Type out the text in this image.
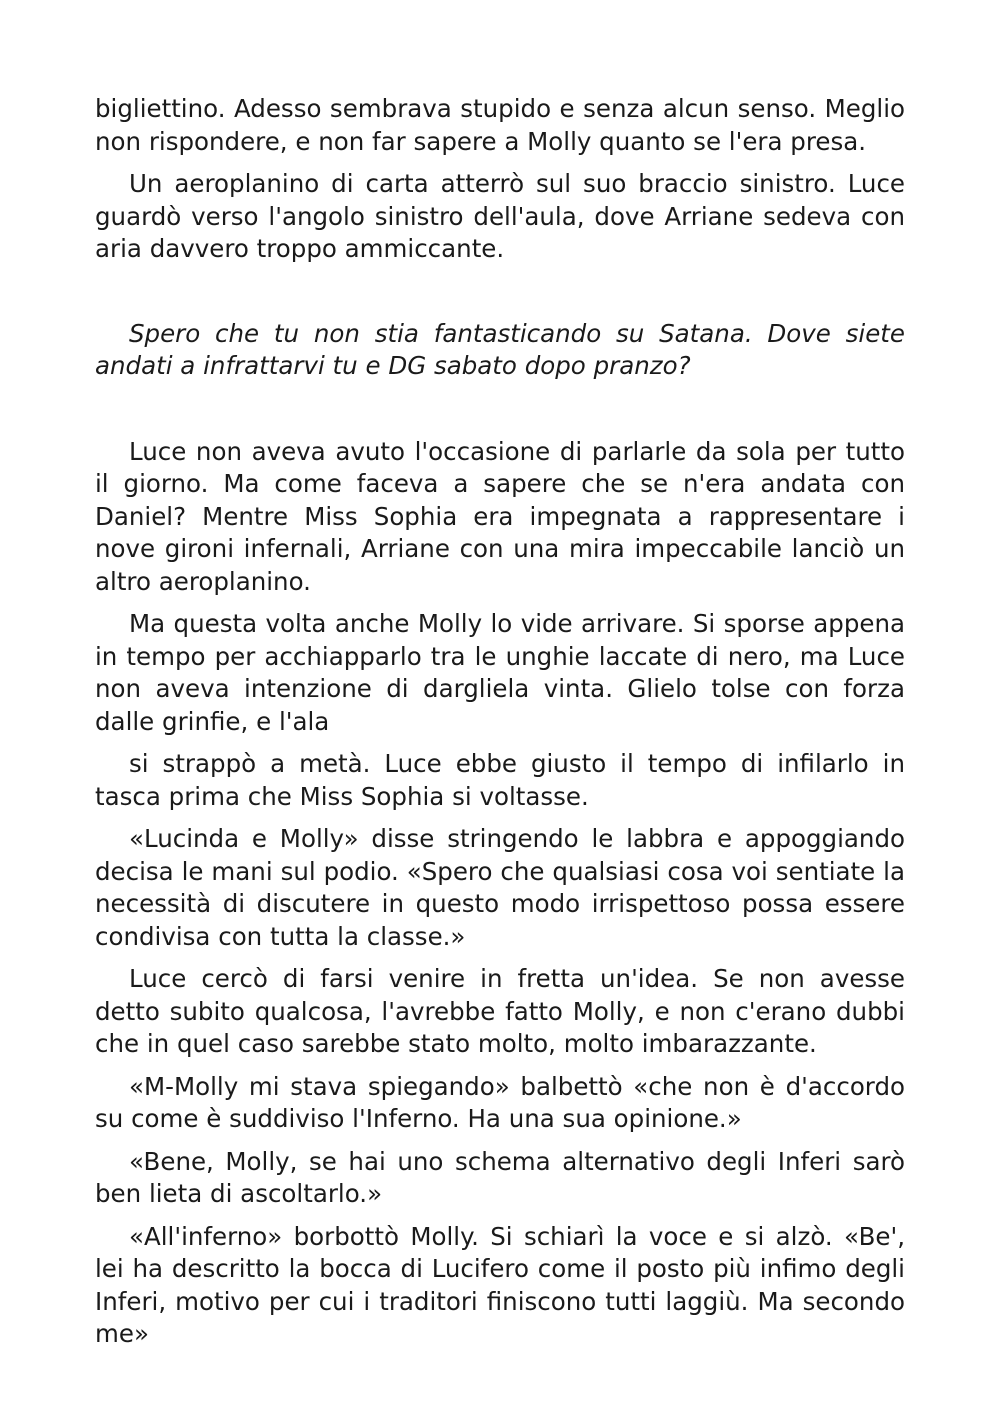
bigliettino. Adesso sembrava stupido e senza alcun senso. Meglio non rispondere, e non far sapere a Molly quanto se l'era presa.

Un aeroplanino di carta atterrò sul suo braccio sinistro. Luce guardò verso l'angolo sinistro dell'aula, dove Arriane sedeva con aria davvero troppo ammiccante.

Spero che tu non stia fantasticando su Satana. Dove siete andati a infrattarvi tu e DG sabato dopo pranzo?

Luce non aveva avuto l'occasione di parlarle da sola per tutto il giorno. Ma come faceva a sapere che se n'era andata con Daniel? Mentre Miss Sophia era impegnata a rappresentare i nove gironi infernali, Arriane con una mira impeccabile lanciò un altro aeroplanino.

Ma questa volta anche Molly lo vide arrivare. Si sporse appena in tempo per acchiapparlo tra le unghie laccate di nero, ma Luce non aveva intenzione di dargliela vinta. Glielo tolse con forza dalle grinfie, e l'ala

si strappò a metà. Luce ebbe giusto il tempo di infilarlo in tasca prima che Miss Sophia si voltasse.

«Lucinda e Molly» disse stringendo le labbra e appoggiando decisa le mani sul podio. «Spero che qualsiasi cosa voi sentiate la necessità di discutere in questo modo irrispettoso possa essere condivisa con tutta la classe.»

Luce cercò di farsi venire in fretta un'idea. Se non avesse detto subito qualcosa, l'avrebbe fatto Molly, e non c'erano dubbi che in quel caso sarebbe stato molto, molto imbarazzante.

«M-Molly mi stava spiegando» balbettò «che non è d'accordo su come è suddiviso l'Inferno. Ha una sua opinione.»

«Bene, Molly, se hai uno schema alternativo degli Inferi sarò ben lieta di ascoltarlo.»

«All'inferno» borbottò Molly. Si schiarì la voce e si alzò. «Be', lei ha descritto la bocca di Lucifero come il posto più infimo degli Inferi, motivo per cui i traditori finiscono tutti laggiù. Ma secondo me»
